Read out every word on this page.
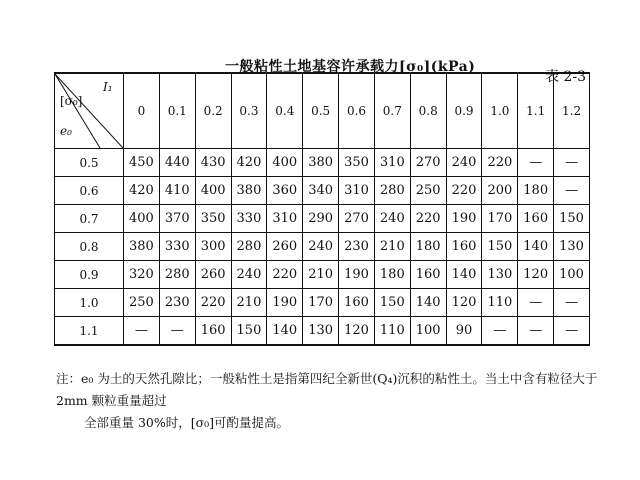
一般粘性土地基容许承载力[σ₀](kPa)
表 2-3
[σ₀]
I₁
e₀	0	0.1	0.2	0.3	0.4	0.5	0.6	0.7	0.8	0.9	1.0	1.1	1.2
0.5	450	440	430	420	400	380	350	310	270	240	220	—	—
0.6	420	410	400	380	360	340	310	280	250	220	200	180	—
0.7	400	370	350	330	310	290	270	240	220	190	170	160	150
0.8	380	330	300	280	260	240	230	210	180	160	150	140	130
0.9	320	280	260	240	220	210	190	180	160	140	130	120	100
1.0	250	230	220	210	190	170	160	150	140	120	110	—	—
1.1	—	—	160	150	140	130	120	110	100	90	—	—	—
注：e₀ 为土的天然孔隙比；一般粘性土是指第四纪全新世(Q₄)沉积的粘性土。当土中含有粒径大于 2mm 颗粒重量超过
全部重量 30%时，[σ₀]可酌量提高。
